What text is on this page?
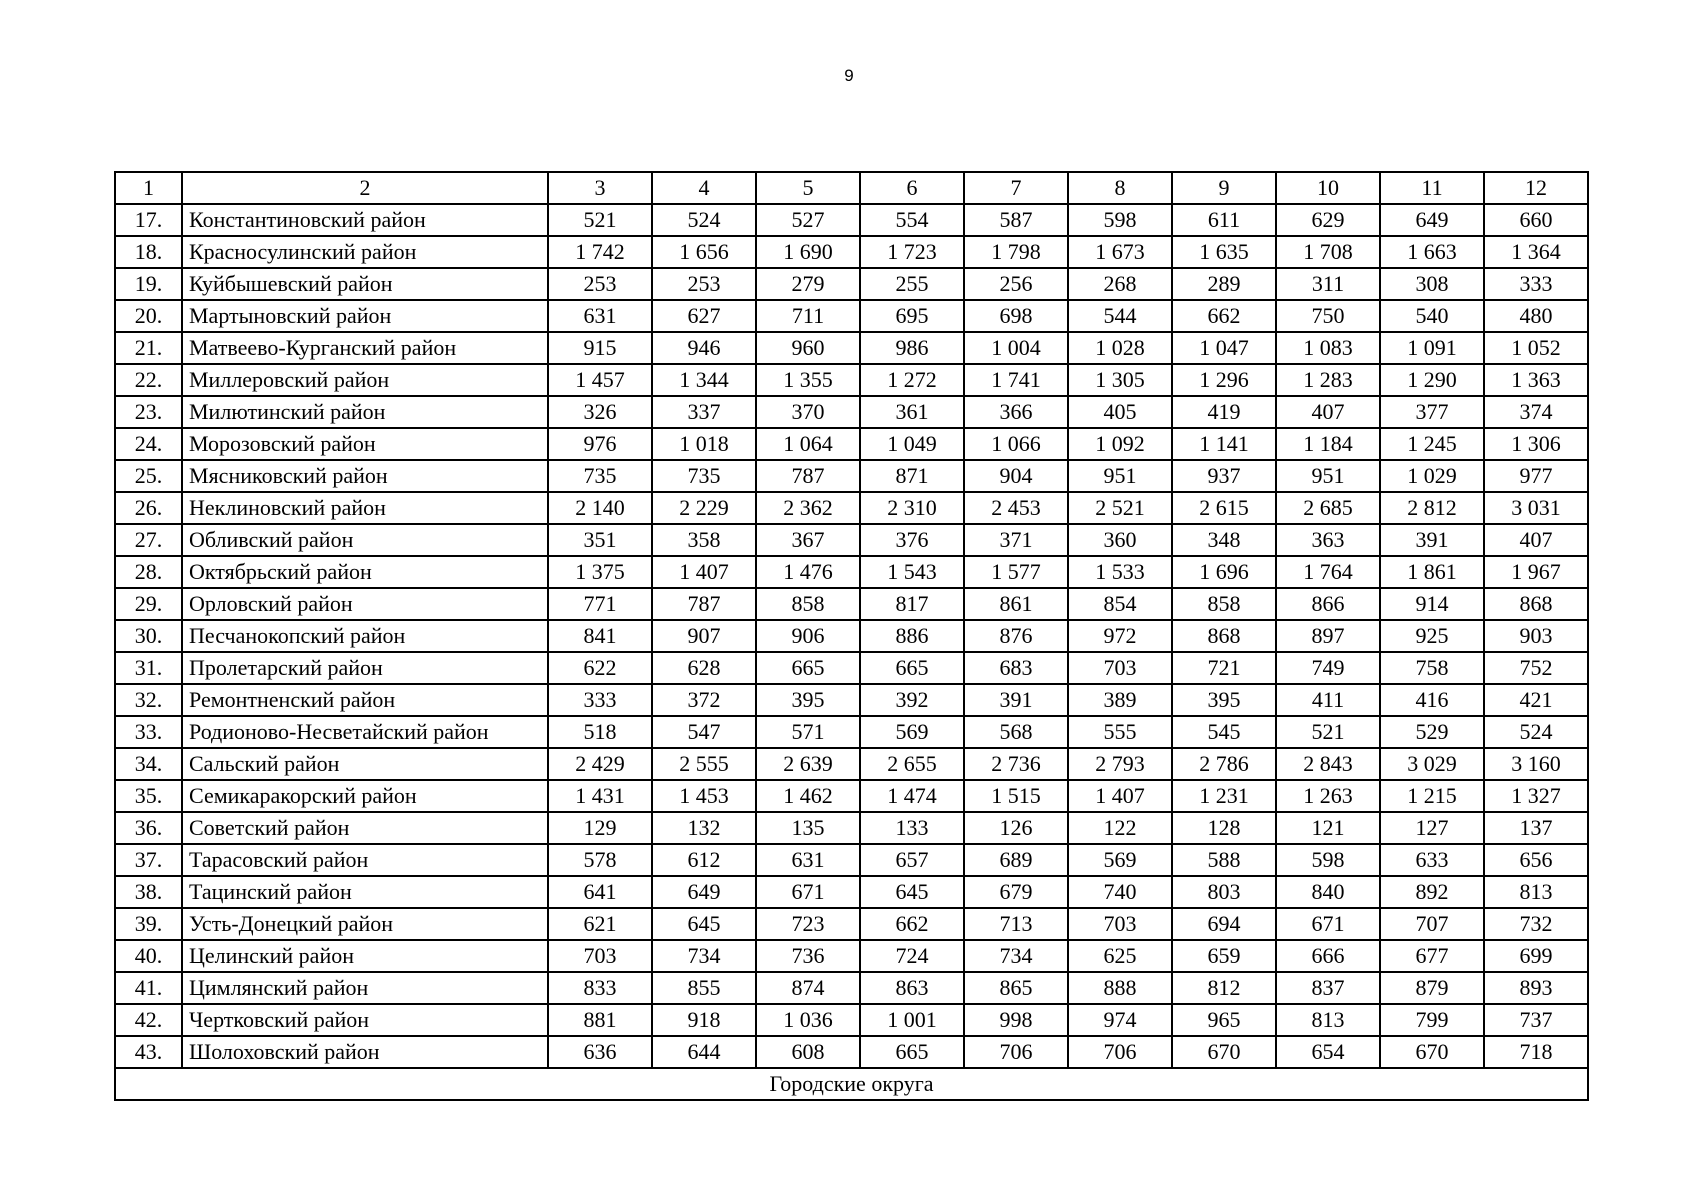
9
1	2	3	4	5	6	7	8	9	10	11	12
17.	Константиновский район	521	524	527	554	587	598	611	629	649	660
18.	Красносулинский район	1 742	1 656	1 690	1 723	1 798	1 673	1 635	1 708	1 663	1 364
19.	Куйбышевский район	253	253	279	255	256	268	289	311	308	333
20.	Мартыновский район	631	627	711	695	698	544	662	750	540	480
21.	Матвеево-Курганский район	915	946	960	986	1 004	1 028	1 047	1 083	1 091	1 052
22.	Миллеровский район	1 457	1 344	1 355	1 272	1 741	1 305	1 296	1 283	1 290	1 363
23.	Милютинский район	326	337	370	361	366	405	419	407	377	374
24.	Морозовский район	976	1 018	1 064	1 049	1 066	1 092	1 141	1 184	1 245	1 306
25.	Мясниковский район	735	735	787	871	904	951	937	951	1 029	977
26.	Неклиновский район	2 140	2 229	2 362	2 310	2 453	2 521	2 615	2 685	2 812	3 031
27.	Обливский район	351	358	367	376	371	360	348	363	391	407
28.	Октябрьский район	1 375	1 407	1 476	1 543	1 577	1 533	1 696	1 764	1 861	1 967
29.	Орловский район	771	787	858	817	861	854	858	866	914	868
30.	Песчанокопский район	841	907	906	886	876	972	868	897	925	903
31.	Пролетарский район	622	628	665	665	683	703	721	749	758	752
32.	Ремонтненский район	333	372	395	392	391	389	395	411	416	421
33.	Родионово-Несветайский район	518	547	571	569	568	555	545	521	529	524
34.	Сальский район	2 429	2 555	2 639	2 655	2 736	2 793	2 786	2 843	3 029	3 160
35.	Семикаракорский район	1 431	1 453	1 462	1 474	1 515	1 407	1 231	1 263	1 215	1 327
36.	Советский район	129	132	135	133	126	122	128	121	127	137
37.	Тарасовский район	578	612	631	657	689	569	588	598	633	656
38.	Тацинский район	641	649	671	645	679	740	803	840	892	813
39.	Усть-Донецкий район	621	645	723	662	713	703	694	671	707	732
40.	Целинский район	703	734	736	724	734	625	659	666	677	699
41.	Цимлянский район	833	855	874	863	865	888	812	837	879	893
42.	Чертковский район	881	918	1 036	1 001	998	974	965	813	799	737
43.	Шолоховский район	636	644	608	665	706	706	670	654	670	718
Городские округа											
